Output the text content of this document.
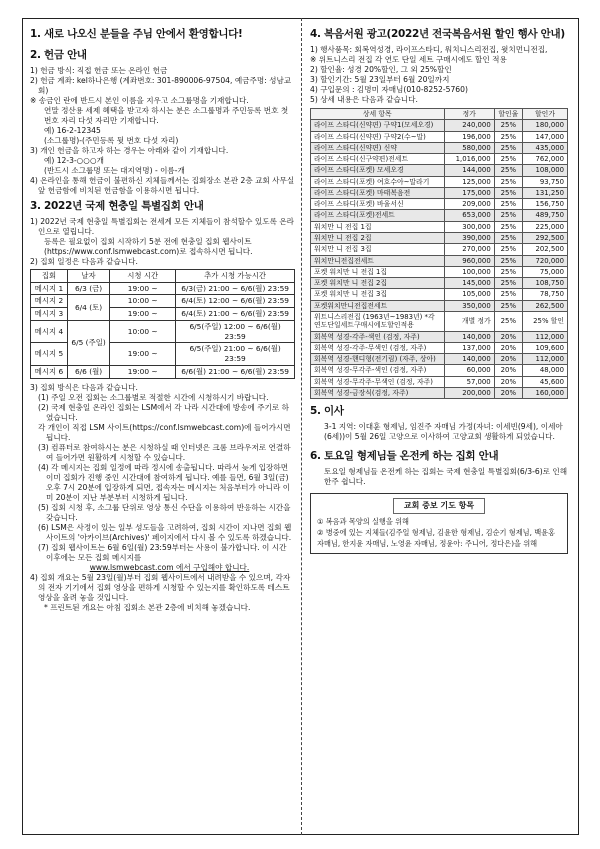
1. 새로 나오신 분들을 주님 안에서 환영합니다!
2. 헌금 안내

1) 헌금 방식: 직접 헌금 또는 온라인 헌금

2) 헌금 계좌: kel하나은행 (계좌번호: 301-890006-97504, 예금주명: 성남교회)

※ 송금인 란에 반드시 본인 이름을 지우고 소그룹명을 기재합니다.

연말 정산용 세제 혜택을 받고자 하시는 분은 소그룹명과 주민등록 번호 첫번호 자리 다섯 자리만 기재합니다.

예) 16-2-12345

(소그룹명)-(주민등록 뒷 번호 다섯 자리)

3) 개인 헌금을 하고자 하는 경우는 아래와 같이 기재합니다.

예) 12-3-○○○개

(반드시 소그룹명 또는 대지역명) - 이름-개

4) 온라인을 통해 헌금이 불편하신 지체들께서는 집회장소 본관 2층 교회 사무실 앞 헌금함에 비치된 헌금함을 이용하시면 됩니다.

3. 2022년 국제 현충일 특별집회 안내

1) 2022년 국제 현충일 특별집회는 전세계 모든 지체들이 참석할수 있도록 온라인으로 열립니다.

등록은 필요없이 집회 시작하기 5분 전에 현충일 집회 웹사이트 (https://www.conf.lsmwebcast.com)로 접속하시면 됩니다.

2) 집회 일정은 다음과 같습니다.

집회	날자	시청 시간	추가 시청 가능시간
메시지 1	6/3 (금)	19:00 ~	6/3(금) 21:00 ~ 6/6(월) 23:59
메시지 2	6/4 (토)	10:00 ~	6/4(토) 12:00 ~ 6/6(월) 23:59
메시지 3		19:00 ~	6/4(토) 21:00 ~ 6/6(월) 23:59
메시지 4	6/5 (주일)	10:00 ~	6/5(주일) 12:00 ~ 6/6(월) 23:59
메시지 5		19:00 ~	6/5(주일) 21:00 ~ 6/6(월) 23:59
메시지 6	6/6 (월)	19:00 ~	6/6(월) 21:00 ~ 6/6(월) 23:59

3) 집회 방식은 다음과 같습니다.

(1) 주일 오전 집회는 소그룹별로 적절한 시간에 시청하시기 바랍니다.

(2) 국제 현충일 온라인 집회는 LSM에서 각 나라 시간대에 방송에 주기로 하였습니다.

각 개인이 직접 LSM 사이트(https://conf.lsmwebcast.com)에 들어가시면 됩니다.

(3) 컴퓨터로 참여하시는 분은 시청하실 때 인터넷은 크롬 브라우저로 연결하여 들어가면 원활하게 시청할 수 있습니다.

(4) 각 메시지는 집회 일정에 따라 정시에 송출됩니다. 따라서 늦게 입장하면 이미 집회가 진행 중인 시간대에 참여하게 됩니다. 예를 들면, 6월 3일(금) 오후 7시 20분에 입장하게 되면, 접속자는 메시지는 처음부터가 아니라 이미 20분이 지난 부분부터 시청하게 됩니다.

(5) 집회 시청 후, 소그룹 단위로 영상 통신 수단을 이용하여 반응하는 시간을 갖습니다.

(6) LSM은 사정이 있는 일부 성도들을 고려하여, 집회 시간이 지나면 집회 웹사이트의 '아카이브(Archives)' 페이지에서 다시 볼 수 있도록 하겠습니다.

(7) 집회 웹사이트는 6월 6일(월) 23:59부터는 사용이 불가합니다. 이 시간 이후에는 모든 집회 메시지를

www.lsmwebcast.com 에서 구입해야 합니다.

4) 집회 개요는 5월 23일(월)부터 집회 웹사이트에서 내려받을 수 있으며, 각자의 전자 기기에서 집회 영상을 편하게 시청할 수 있는지를 확인하도록 테스트 영상을 올려 놓을 것입니다.

* 프린트된 개요는 아침 집회소 본관 2층에 비치해 놓겠습니다.

4. 복음서원 광고(2022년 전국복음서원 할인 행사 안내)

1) 행사품목: 회복역성경, 라이프스타디, 워치니스리전집, 윗치먼니전집,

※ 위트니스리 전집 각 연도 단일 세트 구매시에도 할인 적용

2) 할인율: 성경 20%할인, 그 외 25%할인

3) 할인기간: 5월 23일부터 6월 20일까지

4) 구입문의 : 김명미 자매님(010-8252-5760)

5) 상세 내용은 다음과 같습니다.

상세 항목	정가	할인율	할인가
라이프 스타디(신약편) 구약1(모세오경)	240,000	25%	180,000
라이프 스타디(신약편) 구약2(수~말)	196,000	25%	147,000
라이프 스타디(신약편) 신약	580,000	25%	435,000
라이프 스타디(신구약편)전세트	1,016,000	25%	762,000
라이프 스타디(포켓) 모세오경	144,000	25%	108,000
라이프 스타디(포켓) 여호수아~말라기	125,000	25%	93,750
라이프 스타디(포켓) 마태복음전	175,000	25%	131,250
라이프 스타디(포켓) 바울서신	209,000	25%	156,750
라이프 스타디(포켓)전세트	653,000	25%	489,750
워치만 니 전집 1집	300,000	25%	225,000
워치만 니 전집 2집	390,000	25%	292,500
워치만 니 전집 3집	270,000	25%	202,500
워치만니전집전세트	960,000	25%	720,000
포켓 워치만 니 전집 1집	100,000	25%	75,000
포켓 워치만 니 전집 2집	145,000	25%	108,750
포켓 워치만 니 전집 3집	105,000	25%	78,750
포켓워치만니전집전세트	350,000	25%	262,500
위트니스리전집 (1963년~1983년) *각연도단일세트구매시에도할인적용	개별 정가	25%	25% 할인
회복역 성경-각주-색인 (검정, 자주)	140,000	20%	112,000
회복역 성경-각주-무색인 (검정, 자주)	137,000	20%	109,600
회복역 성경-핸디형(전기림) (자주, 상아)	140,000	20%	112,000
회복역 성경-무각주-색인 (검정, 자주)	60,000	20%	48,000
회복역 성경-무각주-무색인 (검정, 자주)	57,000	20%	45,600
회복역 성경-금장식(검정, 자주)	200,000	20%	160,000
5. 이사

3-1 지역: 이대훈 형제님, 임진주 자매님 가정(자녀: 이세빈(9세), 이세아(6세))이 5월 26일 고양으로 이사하여 고양교회 생활하게 되었습니다.

6. 토요일 형제님들 온전케 하는 집회 안내

토요일 형제님들 온전케 하는 집회는 국제 현충일 특별집회(6/3-6)로 인해 한주 쉽니다.

교회 중보 기도 항목

① 복음과 목양의 실행을 위해

② 병중에 있는 지체들(김주일 형제님, 김윤한 형제님, 김순기 형제님, 백윤홍 자매님, 한지윤 자매님, 노영윤 자매님, 정윤아: 주니어, 정다은)을 위해
